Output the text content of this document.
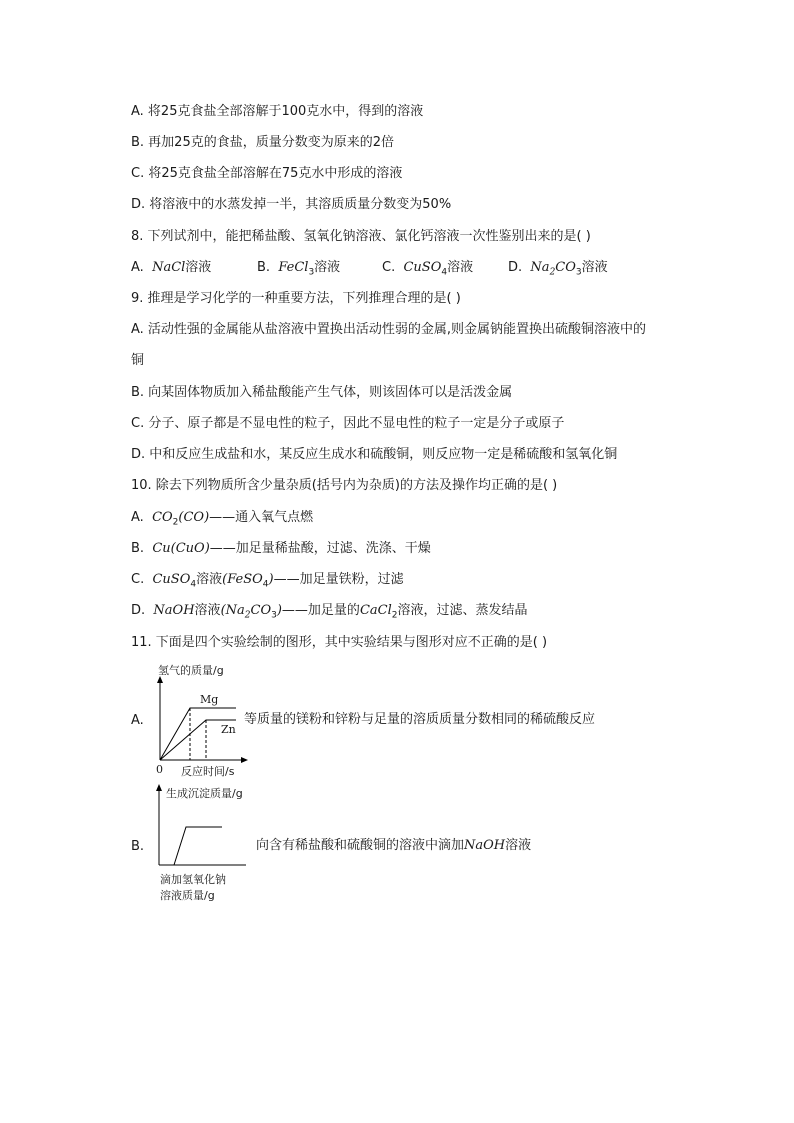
A. 将25克食盐全部溶解于100克水中，得到的溶液
B. 再加25克的食盐，质量分数变为原来的2倍
C. 将25克食盐全部溶解在75克水中形成的溶液
D. 将溶液中的水蒸发掉一半，其溶质质量分数变为50%
8. 下列试剂中，能把稀盐酸、氢氧化钠溶液、氯化钙溶液一次性鉴别出来的是( )
A. NaCl溶液	B. FeCl$_3$溶液	C. CuSO$_4$溶液	D. $Na_2CO_3$溶液
9. 推理是学习化学的一种重要方法，下列推理合理的是( )
A. 活动性强的金属能从盐溶液中置换出活动性弱的金属,则金属钠能置换出硫酸铜溶液中的
铜
B. 向某固体物质加入稀盐酸能产生气体，则该固体可以是活泼金属
C. 分子、原子都是不显电性的粒子，因此不显电性的粒子一定是分子或原子
D. 中和反应生成盐和水，某反应生成水和硫酸铜，则反应物一定是稀硫酸和氢氧化铜
10. 除去下列物质所含少量杂质(括号内为杂质)的方法及操作均正确的是( )
A. $CO_2(CO)——$通入氧气点燃
B. Cu(CuO)——加足量稀盐酸，过滤、洗涤、干燥
C. CuSO$_4$溶液(FeSO$_4$)——加足量铁粉，过滤
D. NaOH溶液$(Na_2CO_3)——$加足量的CaCl$_2$溶液，过滤、蒸发结晶
11. 下面是四个实验绘制的图形，其中实验结果与图形对应不正确的是( )
A.
氢气的质量/g
Mg
Zn
0 反应时间/s
等质量的镁粉和锌粉与足量的溶质质量分数相同的稀硫酸反应
B.
生成沉淀质量/g
滴加氢氧化钠
溶液质量/g
向含有稀盐酸和硫酸铜的溶液中滴加NaOH溶液
